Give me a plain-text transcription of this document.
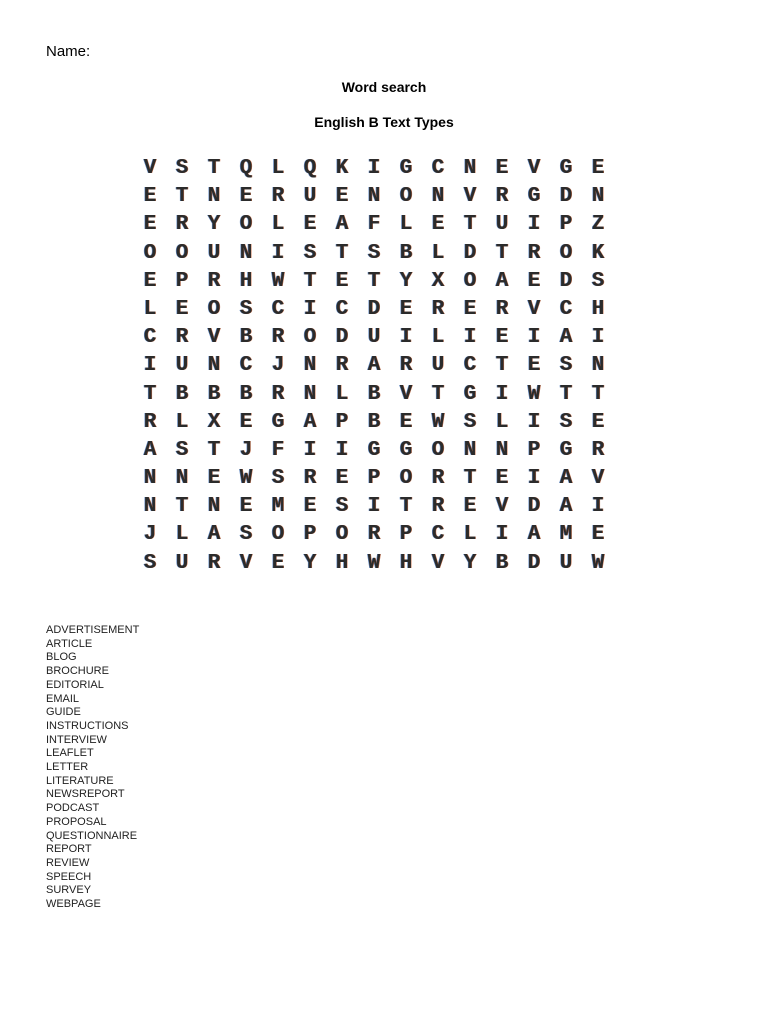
Name:
Word search
English B Text Types
V S T Q L Q K I G C N E V G E
E T N E R U E N O N V R G D N
E R Y O L E A F L E T U I P Z
O O U N I S T S B L D T R O K
E P R H W T E T Y X O A E D S
L E O S C I C D E R E R V C H
C R V B R O D U I L I E I A I
I U N C J N R A R U C T E S N
T B B B R N L B V T G I W T T
R L X E G A P B E W S L I S E
A S T J F I I G G O N N P G R
N N E W S R E P O R T E I A V
N T N E M E S I T R E V D A I
J L A S O P O R P C L I A M E
S U R V E Y H W H V Y B D U W
ADVERTISEMENT
ARTICLE
BLOG
BROCHURE
EDITORIAL
EMAIL
GUIDE
INSTRUCTIONS
INTERVIEW
LEAFLET
LETTER
LITERATURE
NEWSREPORT
PODCAST
PROPOSAL
QUESTIONNAIRE
REPORT
REVIEW
SPEECH
SURVEY
WEBPAGE
